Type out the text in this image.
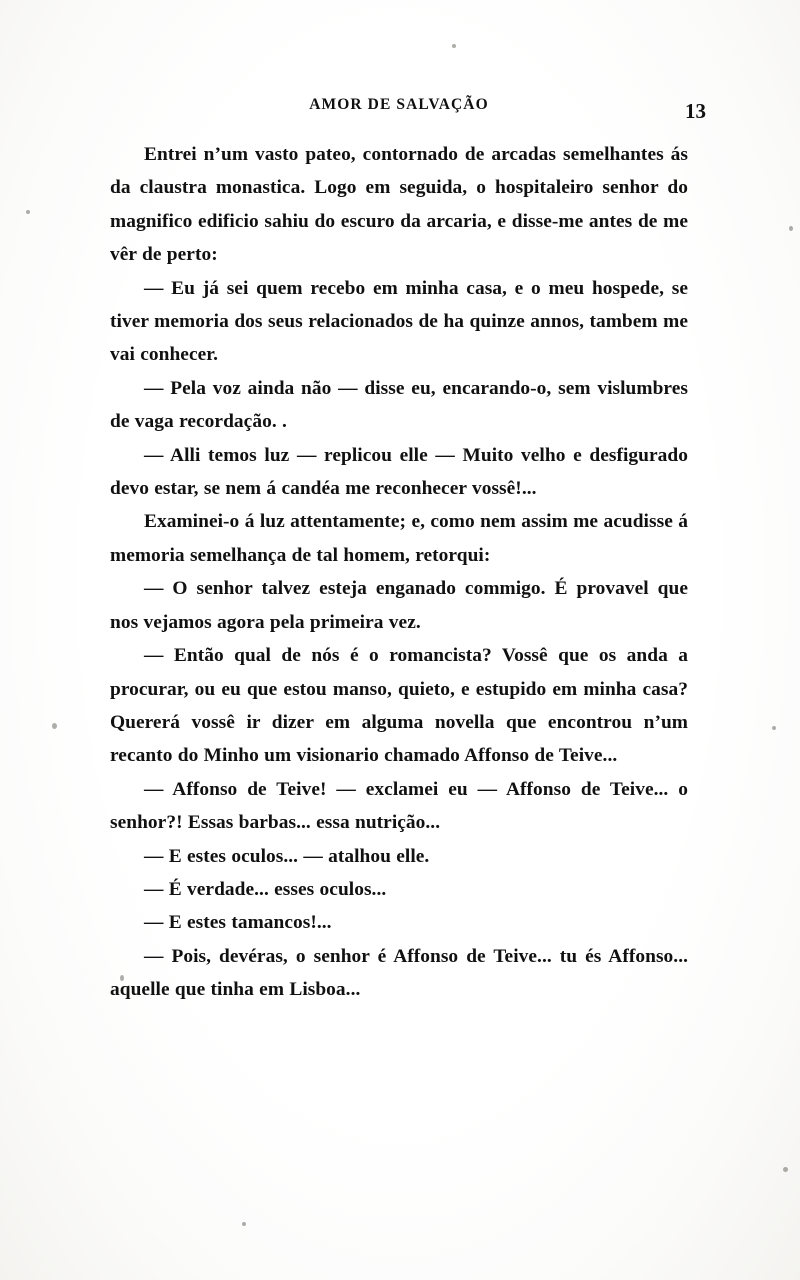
AMOR DE SALVAÇÃO	13

Entrei n’um vasto pateo, contornado de arcadas semelhantes ás da claustra monastica. Logo em seguida, o hospitaleiro senhor do magnifico edificio sahiu do escuro da arcaria, e disse-me antes de me vêr de perto:

— Eu já sei quem recebo em minha casa, e o meu hospede, se tiver memoria dos seus relacionados de ha quinze annos, tambem me vai conhecer.

— Pela voz ainda não — disse eu, encarando-o, sem vislumbres de vaga recordação. .

— Alli temos luz — replicou elle — Muito velho e desfigurado devo estar, se nem á candéa me reconhecer vossê!...

Examinei-o á luz attentamente; e, como nem assim me acudisse á memoria semelhança de tal homem, retorqui:

— O senhor talvez esteja enganado commigo. É provavel que nos vejamos agora pela primeira vez.

— Então qual de nós é o romancista? Vossê que os anda a procurar, ou eu que estou manso, quieto, e estupido em minha casa? Quererá vossê ir dizer em alguma novella que encontrou n’um recanto do Minho um visionario chamado Affonso de Teive...

— Affonso de Teive! — exclamei eu — Affonso de Teive... o senhor?! Essas barbas... essa nutrição...

— E estes oculos... — atalhou elle.

— É verdade... esses oculos...

— E estes tamancos!...

— Pois, devéras, o senhor é Affonso de Teive... tu és Affonso... aquelle que tinha em Lisboa...
